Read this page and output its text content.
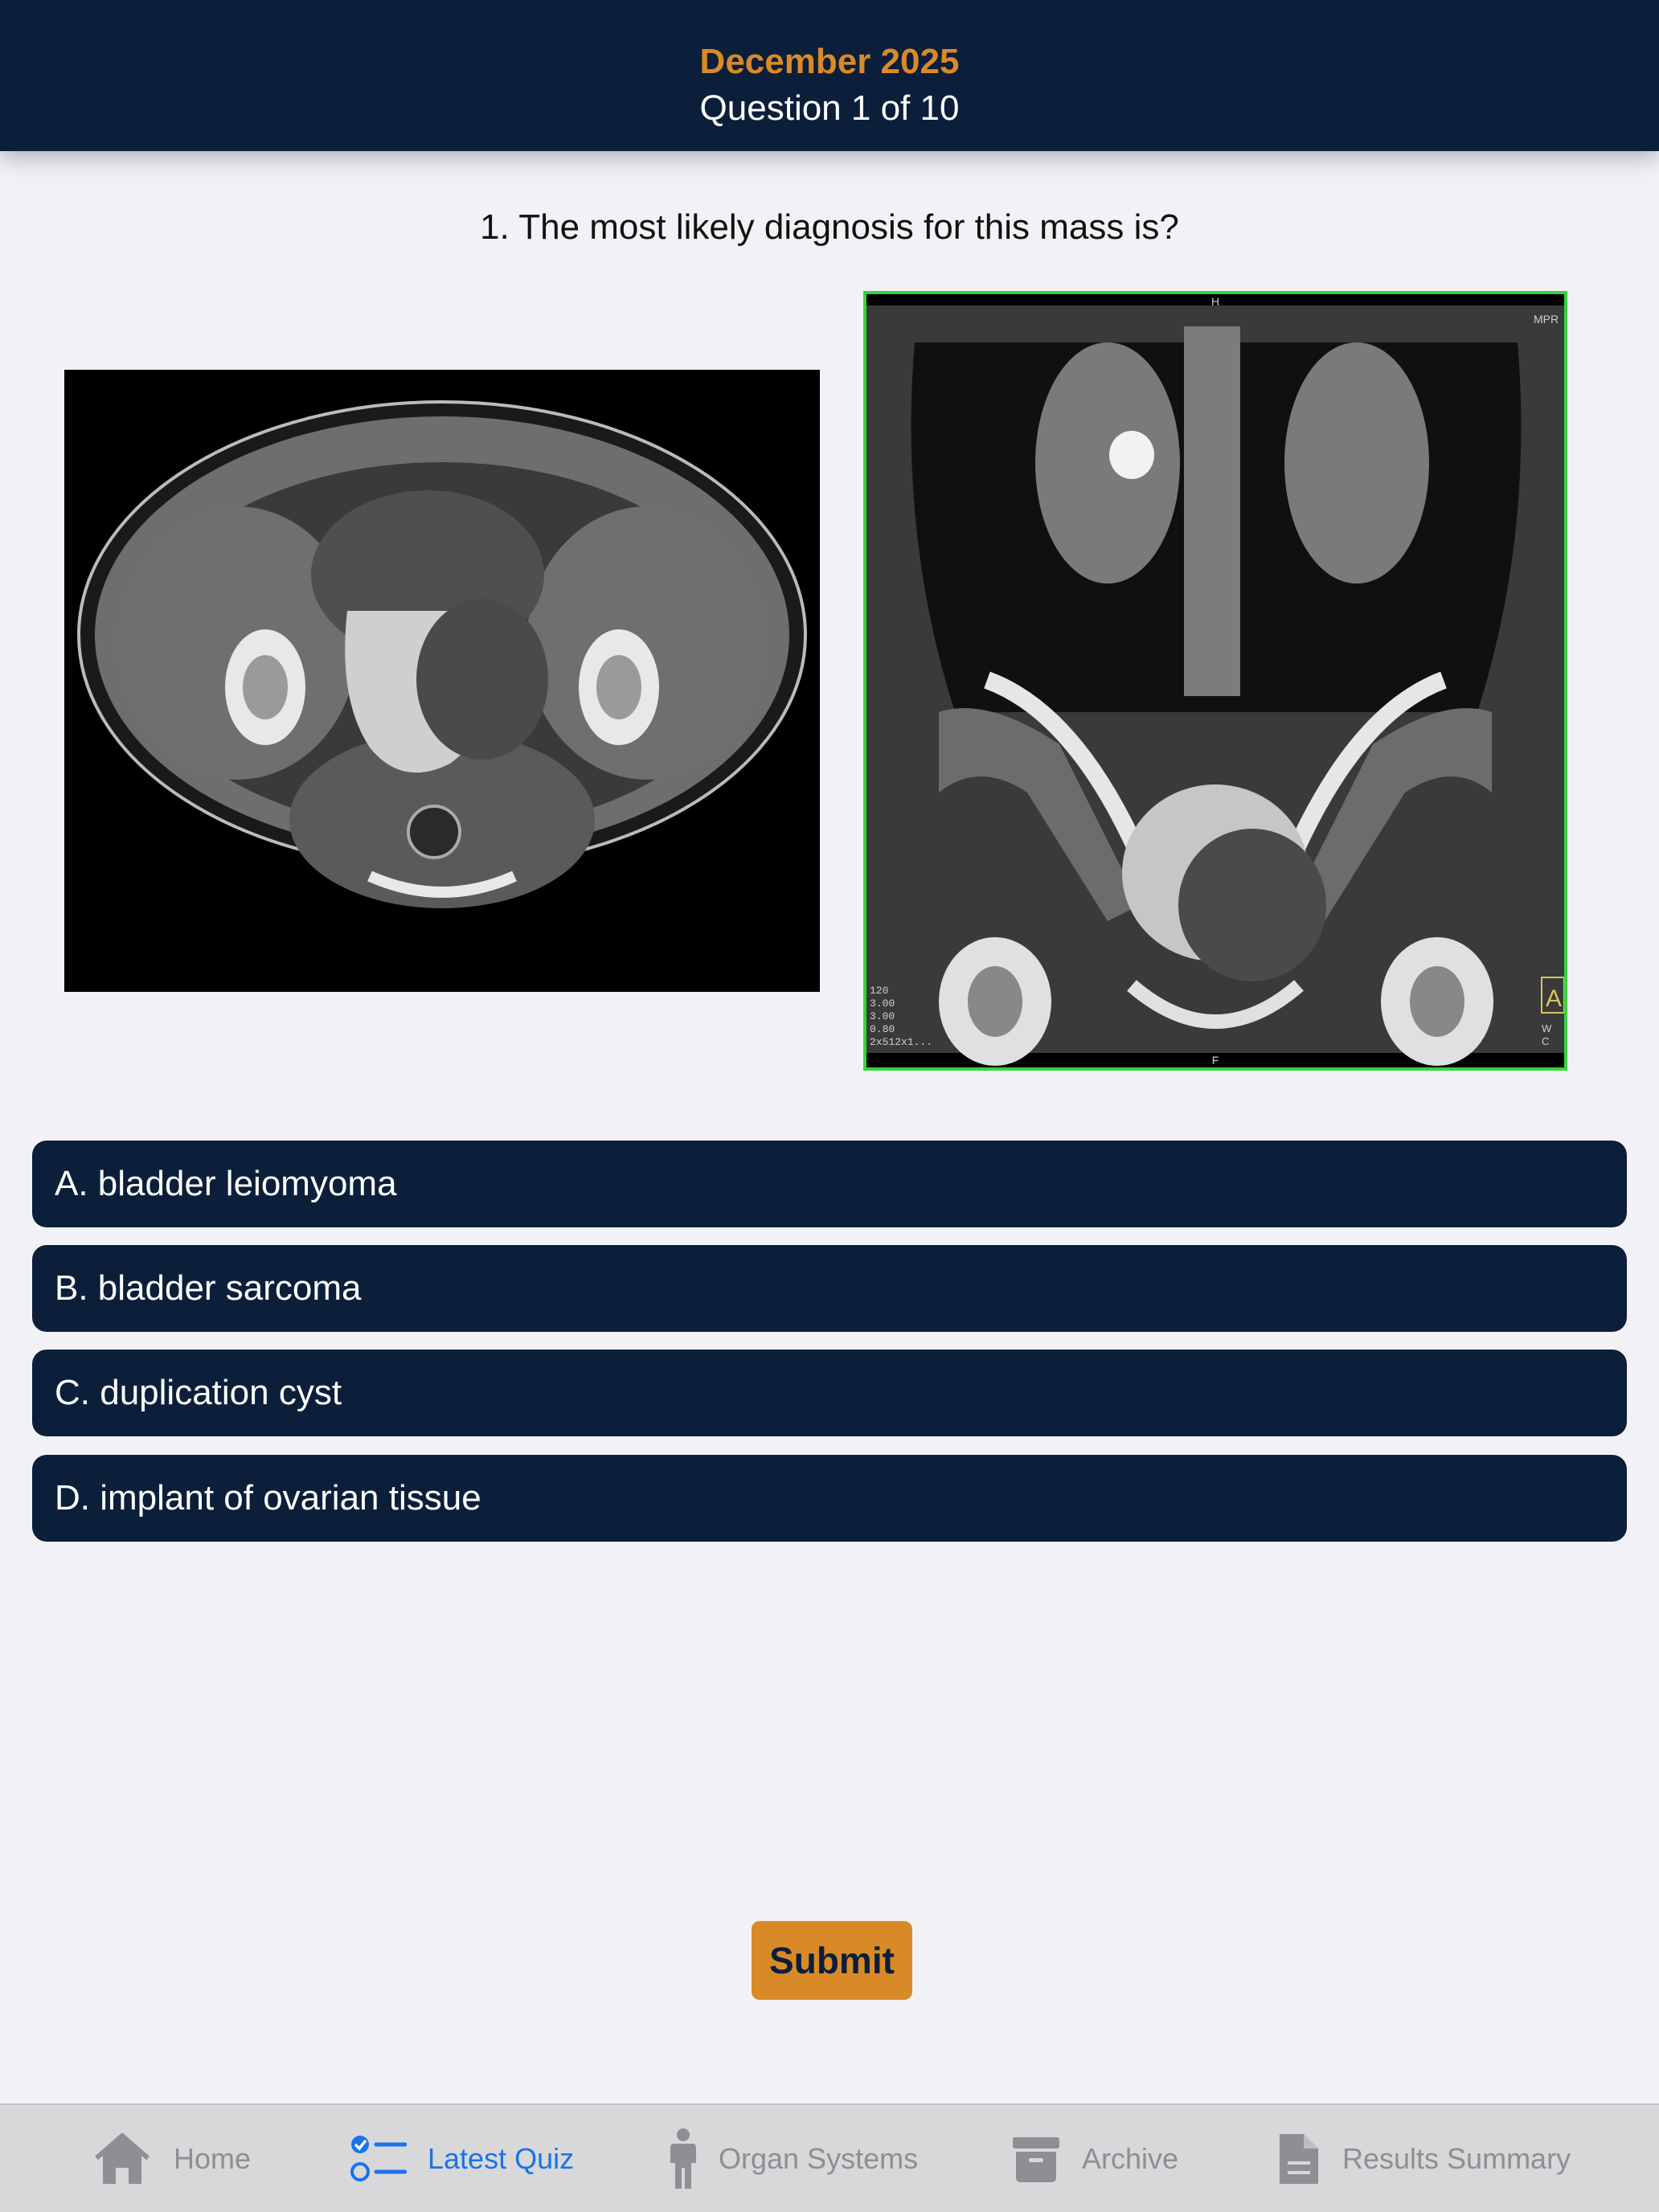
December 2025
Question 1 of 10
1. The most likely diagnosis for this mass is?
H
MPR
F
120
3.00
3.00
0.80
2x512x1...
A
W
C
A. bladder leiomyoma
B. bladder sarcoma
C. duplication cyst
D. implant of ovarian tissue
Submit
Home	Latest Quiz	Organ Systems	Archive	Results Summary
